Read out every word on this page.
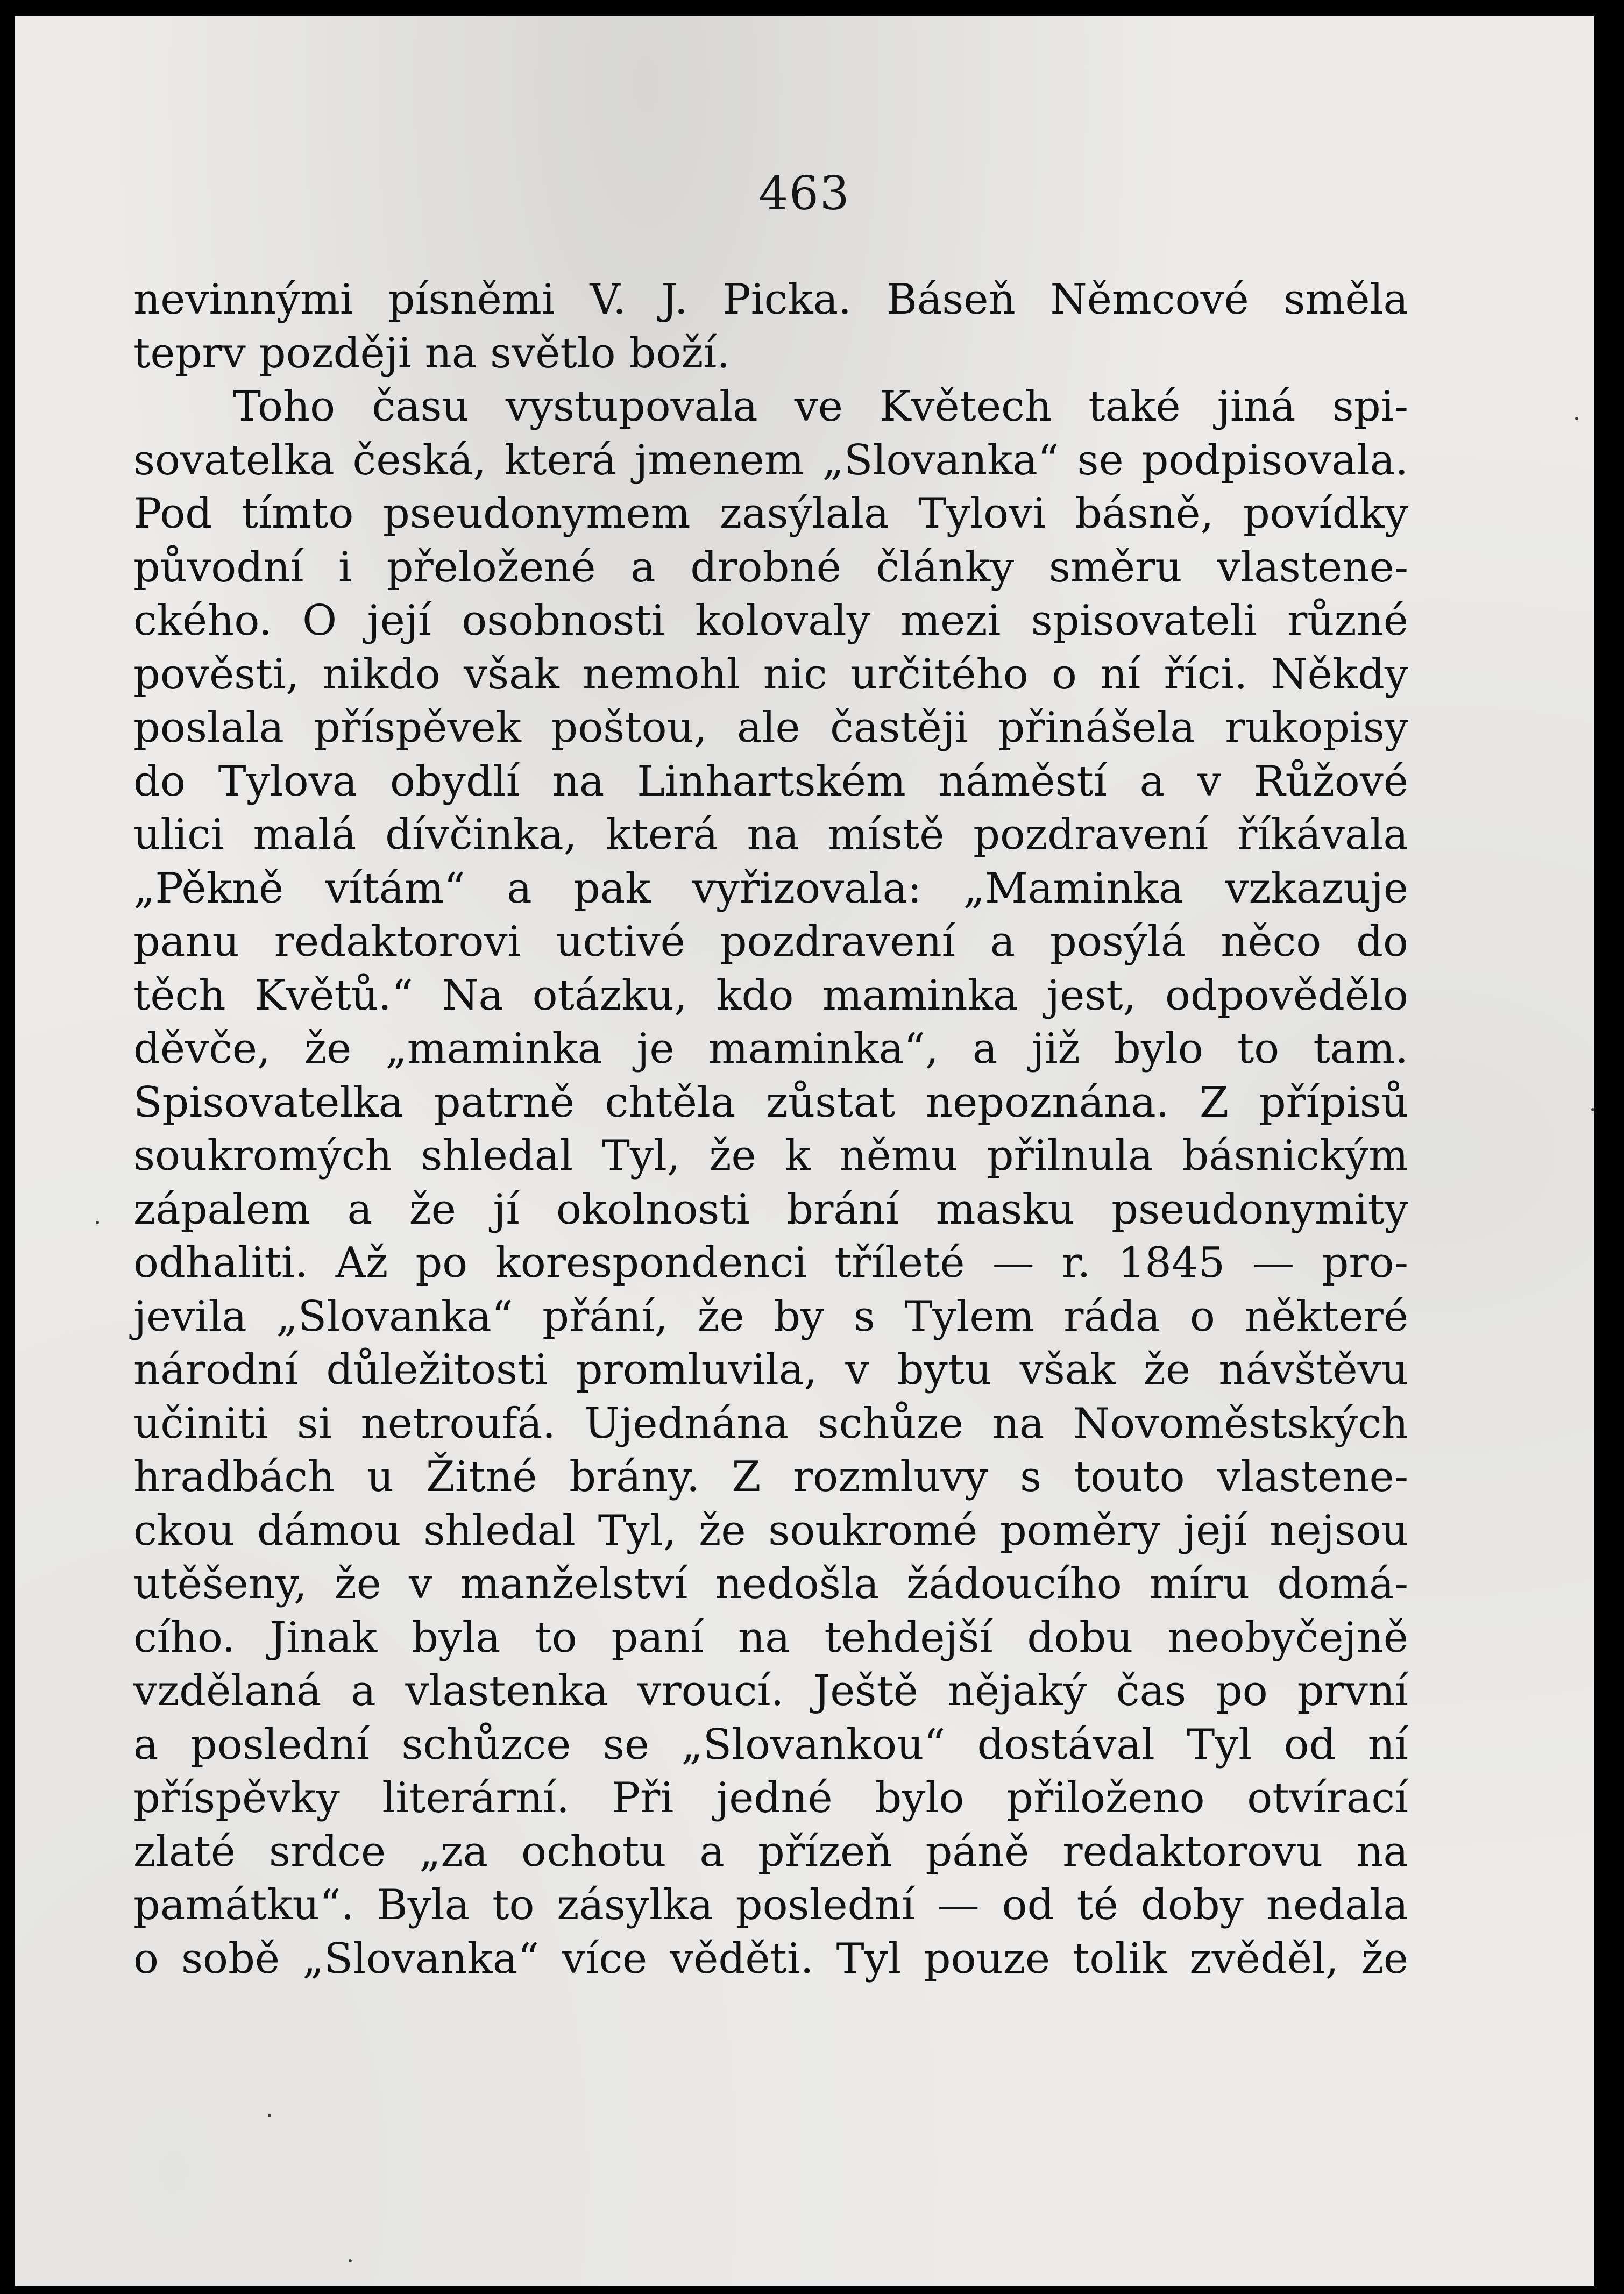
463
nevinnými písněmi V. J. Picka. Báseň Němcové směla
teprv později na světlo boží.
Toho času vystupovala ve Květech také jiná spi-
sovatelka česká, která jmenem „Slovanka“ se podpisovala.
Pod tímto pseudonymem zasýlala Tylovi básně, povídky
původní i přeložené a drobné články směru vlastene-
ckého. O její osobnosti kolovaly mezi spisovateli různé
pověsti, nikdo však nemohl nic určitého o ní říci. Někdy
poslala příspěvek poštou, ale častěji přinášela rukopisy
do Tylova obydlí na Linhartském náměstí a v Růžové
ulici malá dívčinka, která na místě pozdravení říkávala
„Pěkně vítám“ a pak vyřizovala: „Maminka vzkazuje
panu redaktorovi uctivé pozdravení a posýlá něco do
těch Květů.“ Na otázku, kdo maminka jest, odpovědělo
děvče, že „maminka je maminka“, a již bylo to tam.
Spisovatelka patrně chtěla zůstat nepoznána. Z přípisů
soukromých shledal Tyl, že k němu přilnula básnickým
zápalem a že jí okolnosti brání masku pseudonymity
odhaliti. Až po korespondenci tříleté — r. 1845 — pro-
jevila „Slovanka“ přání, že by s Tylem ráda o některé
národní důležitosti promluvila, v bytu však že návštěvu
učiniti si netroufá. Ujednána schůze na Novoměstských
hradbách u Žitné brány. Z rozmluvy s touto vlastene-
ckou dámou shledal Tyl, že soukromé poměry její nejsou
utěšeny, že v manželství nedošla žádoucího míru domá-
cího. Jinak byla to paní na tehdejší dobu neobyčejně
vzdělaná a vlastenka vroucí. Ještě nějaký čas po první
a poslední schůzce se „Slovankou“ dostával Tyl od ní
příspěvky literární. Při jedné bylo přiloženo otvírací
zlaté srdce „za ochotu a přízeň páně redaktorovu na
památku“. Byla to zásylka poslední — od té doby nedala
o sobě „Slovanka“ více věděti. Tyl pouze tolik zvěděl, že
